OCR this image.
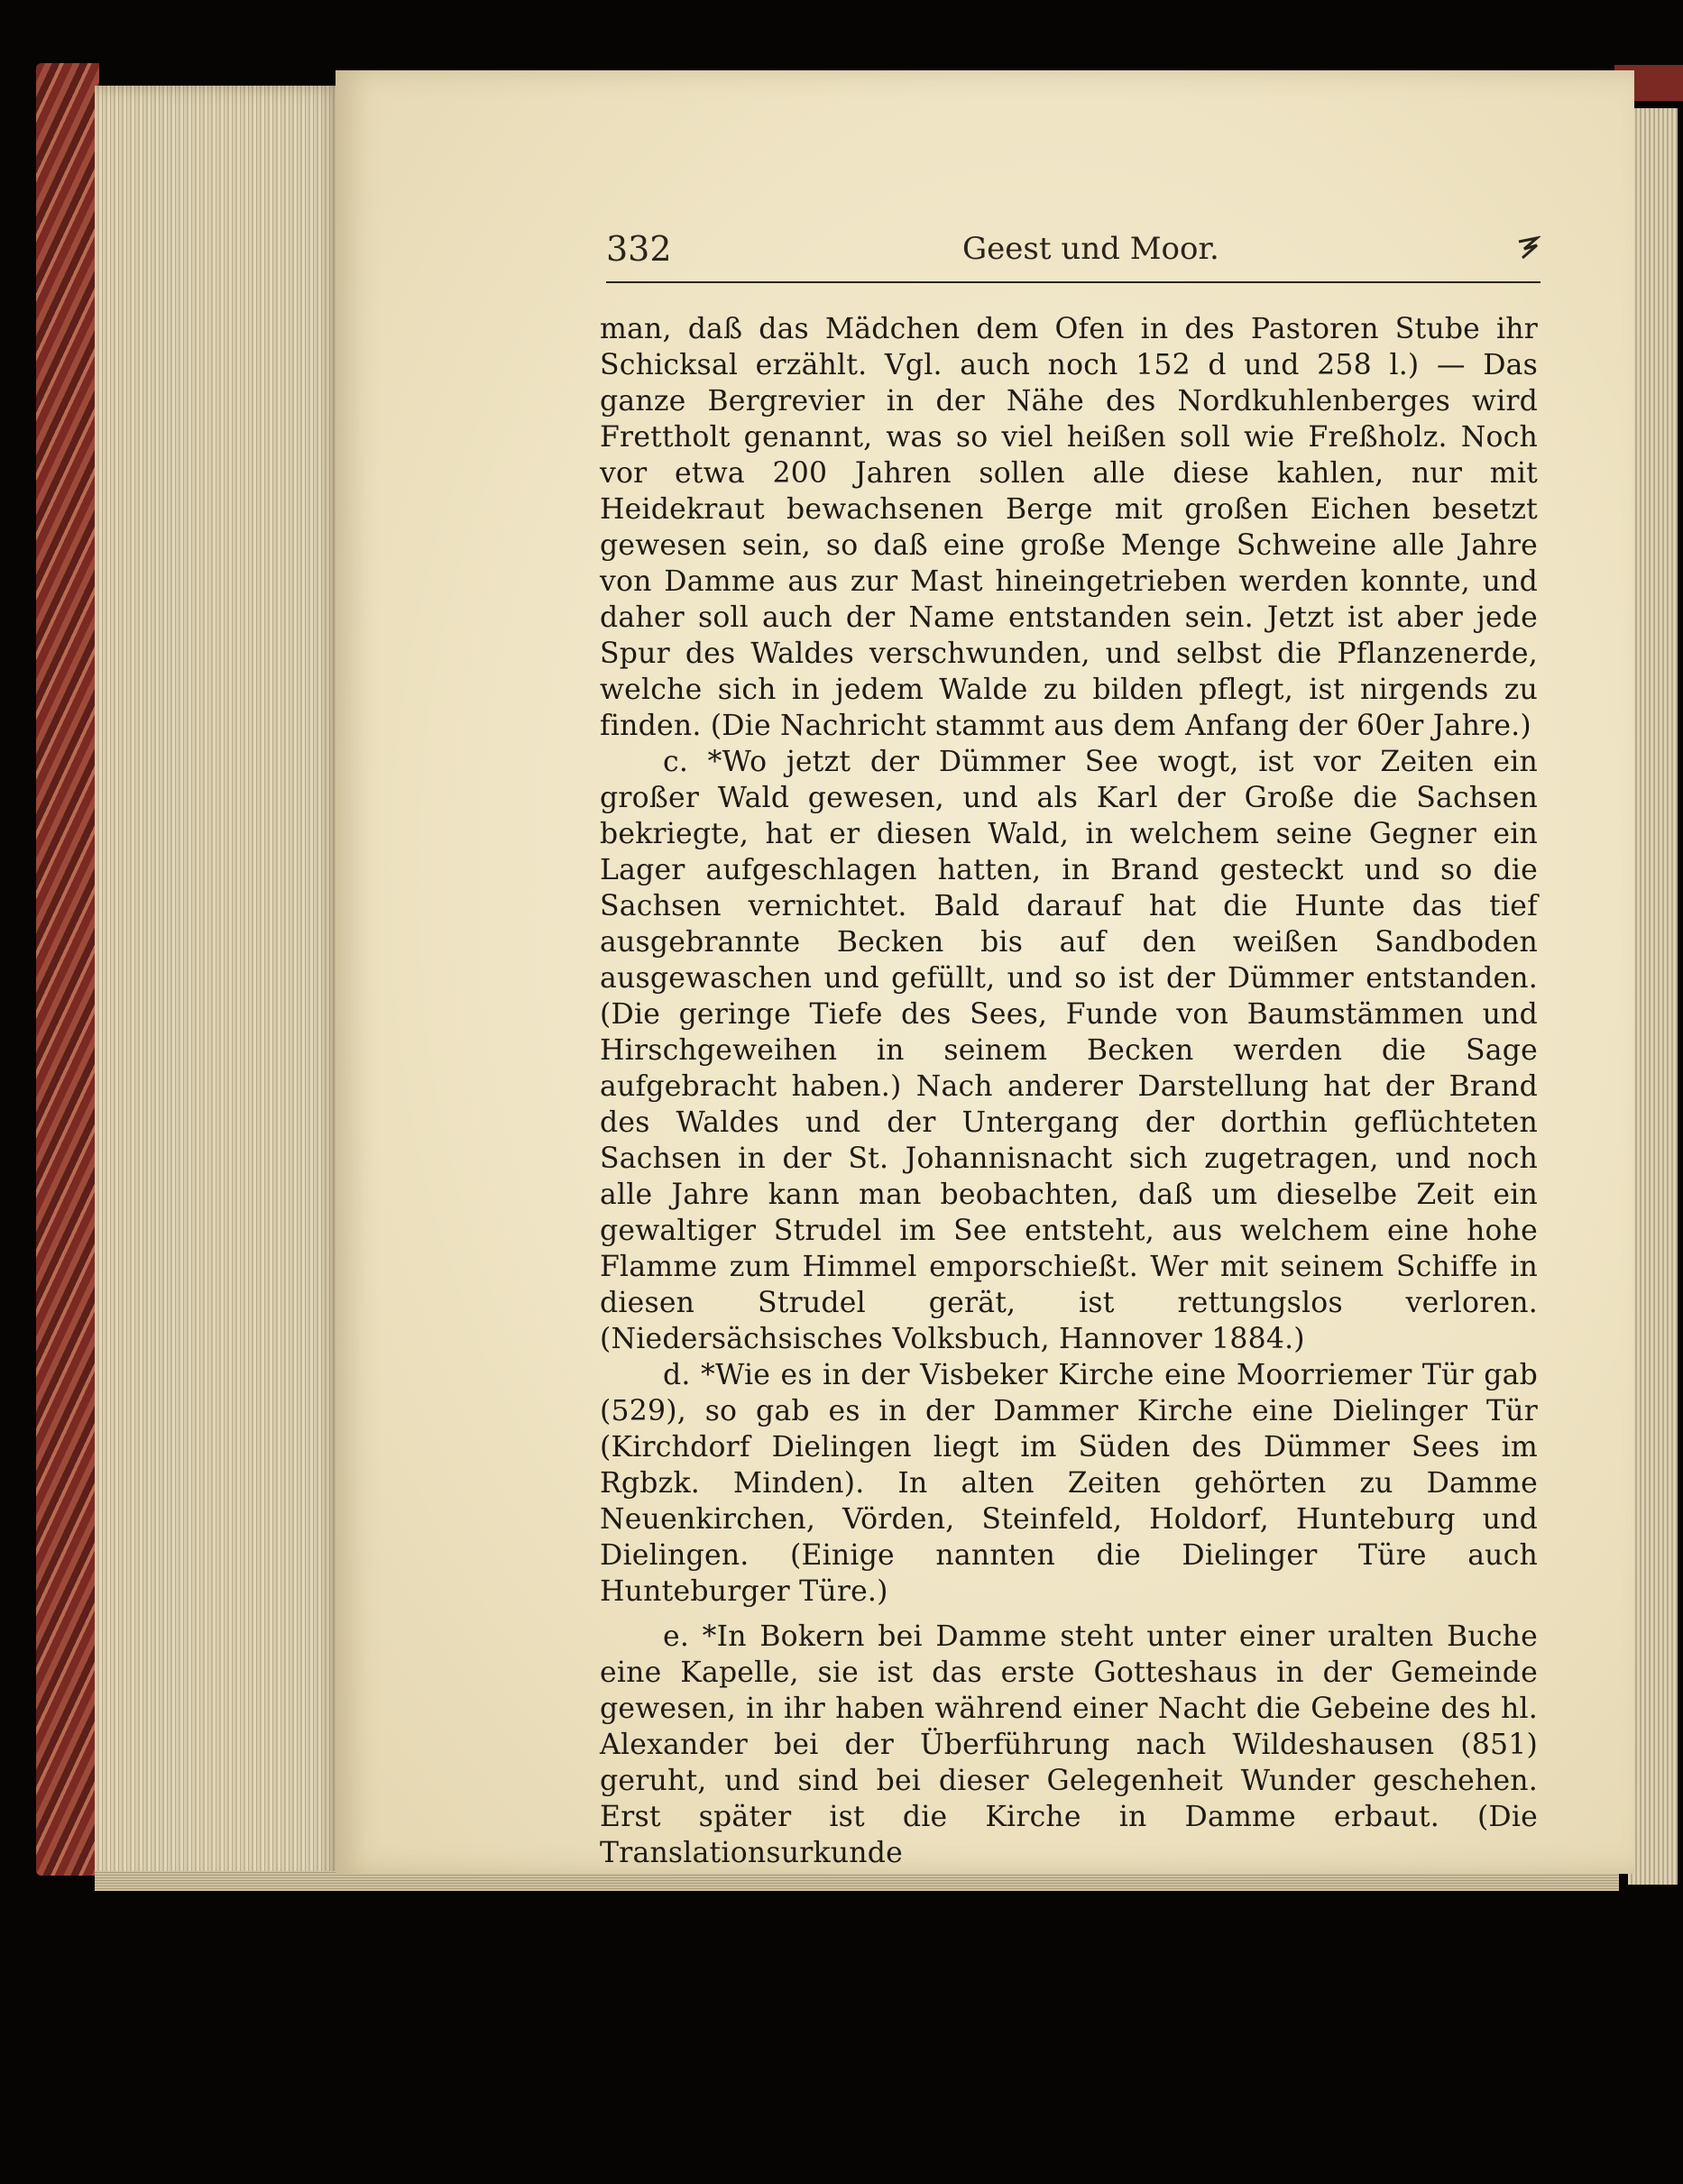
332	Geest und Moor.

man, daß das Mädchen dem Ofen in des Pastoren Stube ihr Schicksal erzählt. Vgl. auch noch 152 d und 258 l.) — Das ganze Bergrevier in der Nähe des Nordkuhlenberges wird Frettholt genannt, was so viel heißen soll wie Freßholz. Noch vor etwa 200 Jahren sollen alle diese kahlen, nur mit Heidekraut bewachsenen Berge mit großen Eichen besetzt gewesen sein, so daß eine große Menge Schweine alle Jahre von Damme aus zur Mast hineingetrieben werden konnte, und daher soll auch der Name entstanden sein. Jetzt ist aber jede Spur des Waldes verschwunden, und selbst die Pflanzenerde, welche sich in jedem Walde zu bilden pflegt, ist nirgends zu finden. (Die Nachricht stammt aus dem Anfang der 60er Jahre.)

c. *Wo jetzt der Dümmer See wogt, ist vor Zeiten ein großer Wald gewesen, und als Karl der Große die Sachsen bekriegte, hat er diesen Wald, in welchem seine Gegner ein Lager aufgeschlagen hatten, in Brand gesteckt und so die Sachsen vernichtet. Bald darauf hat die Hunte das tief ausgebrannte Becken bis auf den weißen Sandboden ausgewaschen und gefüllt, und so ist der Dümmer entstanden. (Die geringe Tiefe des Sees, Funde von Baumstämmen und Hirschgeweihen in seinem Becken werden die Sage aufgebracht haben.) Nach anderer Darstellung hat der Brand des Waldes und der Untergang der dorthin geflüchteten Sachsen in der St. Johannisnacht sich zugetragen, und noch alle Jahre kann man beobachten, daß um dieselbe Zeit ein gewaltiger Strudel im See entsteht, aus welchem eine hohe Flamme zum Himmel emporschießt. Wer mit seinem Schiffe in diesen Strudel gerät, ist rettungslos verloren. (Niedersächsisches Volksbuch, Hannover 1884.)

d. *Wie es in der Visbeker Kirche eine Moorriemer Tür gab (529), so gab es in der Dammer Kirche eine Dielinger Tür (Kirchdorf Dielingen liegt im Süden des Dümmer Sees im Rgbzk. Minden). In alten Zeiten gehörten zu Damme Neuenkirchen, Vörden, Steinfeld, Holdorf, Hunteburg und Dielingen. (Einige nannten die Dielinger Türe auch Hunteburger Türe.)

e. *In Bokern bei Damme steht unter einer uralten Buche eine Kapelle, sie ist das erste Gotteshaus in der Gemeinde gewesen, in ihr haben während einer Nacht die Gebeine des hl. Alexander bei der Überführung nach Wildeshausen (851) geruht, und sind bei dieser Gelegenheit Wunder geschehen. Erst später ist die Kirche in Damme erbaut. (Die Translationsurkunde
